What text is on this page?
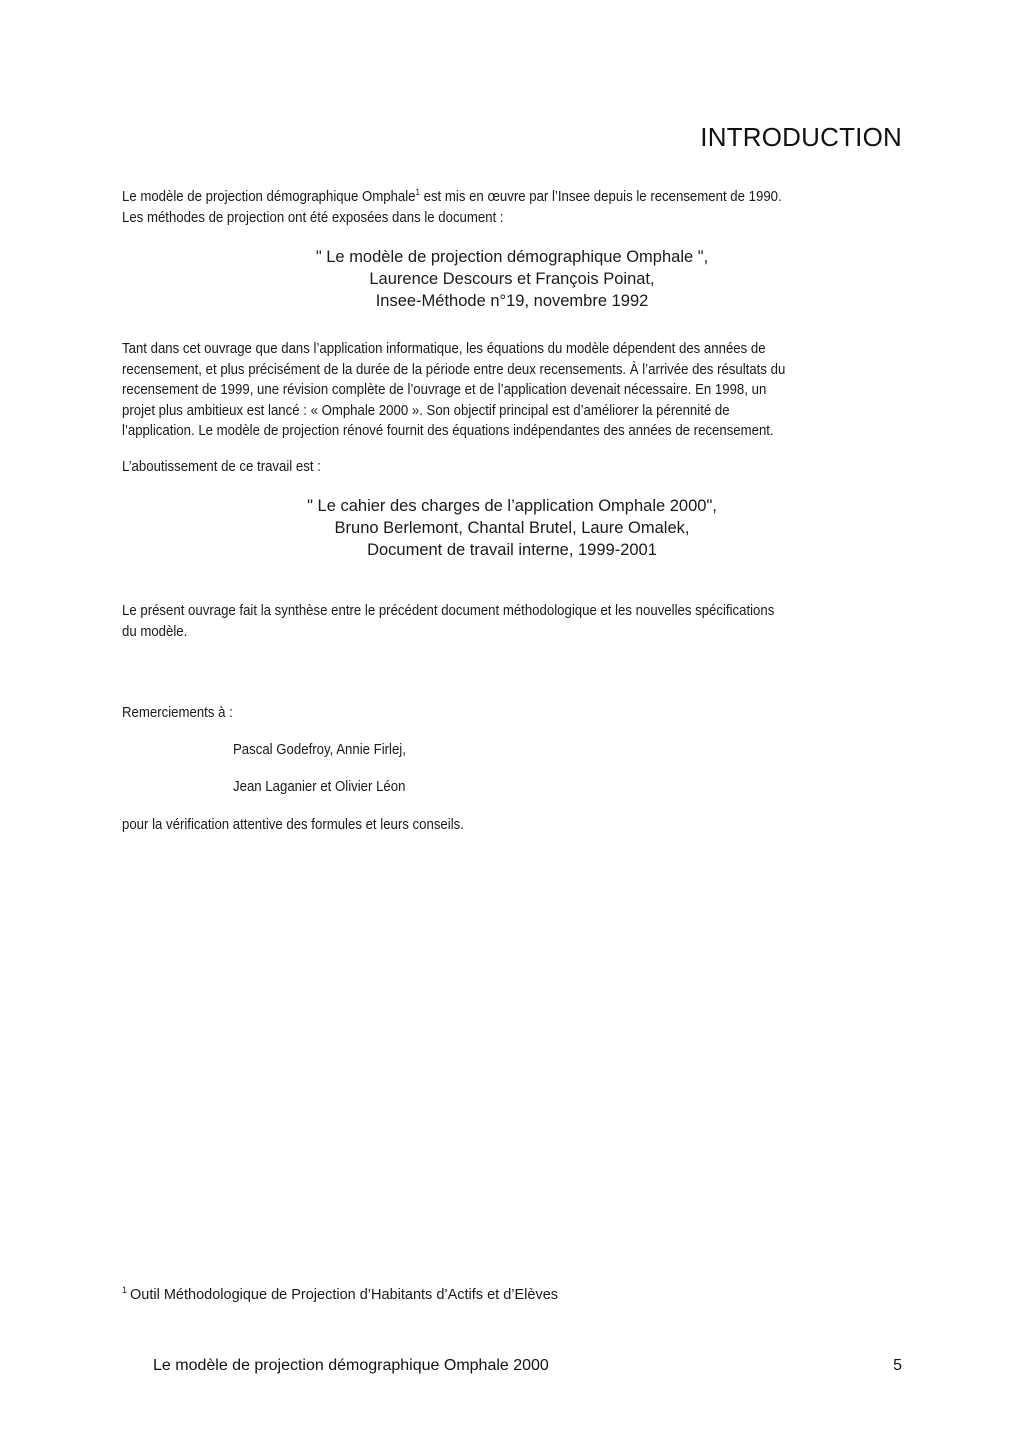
INTRODUCTION

Le modèle de projection démographique Omphale$^1$ est mis en œuvre par l’Insee depuis le recensement de 1990.

Les méthodes de projection ont été exposées dans le document :

" Le modèle de projection démographique Omphale ",
Laurence Descours et François Poinat,
Insee-Méthode n°19, novembre 1992

Tant dans cet ouvrage que dans l’application informatique, les équations du modèle dépendent des années de

recensement, et plus précisément de la durée de la période entre deux recensements. À l’arrivée des résultats du

recensement de 1999, une révision complète de l’ouvrage et de l’application devenait nécessaire. En 1998, un

projet plus ambitieux est lancé : « Omphale 2000 ». Son objectif principal est d’améliorer la pérennité de

l’application. Le modèle de projection rénové fournit des équations indépendantes des années de recensement.

L’aboutissement de ce travail est :
" Le cahier des charges de l’application Omphale 2000",
Bruno Berlemont, Chantal Brutel, Laure Omalek,
Document de travail interne, 1999-2001

Le présent ouvrage fait la synthèse entre le précédent document méthodologique et les nouvelles spécifications

du modèle.

Remerciements à :
Pascal Godefroy, Annie Firlej,
Jean Laganier et Olivier Léon
pour la vérification attentive des formules et leurs conseils.
$^1$ Outil Méthodologique de Projection d’Habitants d’Actifs et d’Elèves
Le modèle de projection démographique Omphale 2000	5
